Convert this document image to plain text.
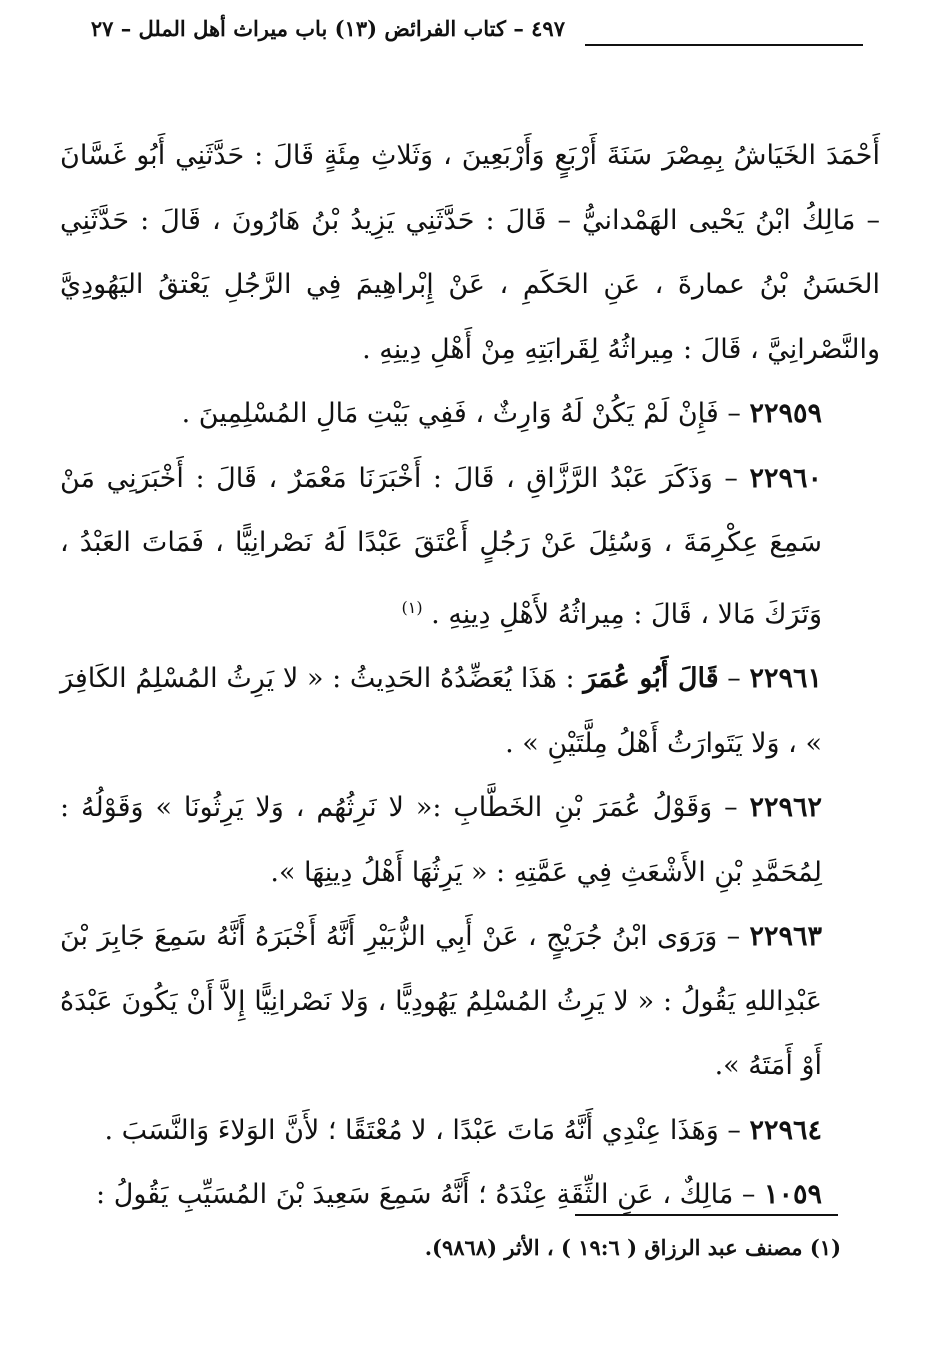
٤٩٧ – كتاب الفرائض (١٣) باب ميراث أهل الملل – ٢٧

أَحْمَدَ الخَيَاشُ بِمِصْرَ سَنَةَ أَرْبَعٍ وَأَرْبَعِينَ ، وَثَلاثِ مِئَةٍ قَالَ : حَدَّثَنِي أَبُو غَسَّانَ – مَالِكُ ابْنُ يَحْيى الهَمْدانيُّ – قَالَ : حَدَّثَنِي يَزِيدُ بْنُ هَارُونَ ، قَالَ : حَدَّثَنِي الحَسَنُ بْنُ عمارةَ ، عَنِ الحَكَمِ ، عَنْ إِبْراهِيمَ فِي الرَّجُلِ يَعْتقُ اليَهُودِيَّ والنَّصْرانِيَّ ، قَالَ : مِيراثُهُ لِقَرابَتِهِ مِنْ أَهْلِ دِينِهِ .

٢٢٩٥٩ – فَإِنْ لَمْ يَكُنْ لَهُ وَارِثٌ ، فَفِي بَيْتِ مَالِ المُسْلِمِينَ .

٢٢٩٦٠ – وَذَكَرَ عَبْدُ الرَّزَّاقِ ، قَالَ : أَخْبَرَنَا مَعْمَرٌ ، قَالَ : أَخْبَرَنِي مَنْ سَمِعَ عِكْرِمَةَ ، وَسُئِلَ عَنْ رَجُلٍ أَعْتَقَ عَبْدًا لَهُ نَصْرانِيًّا ، فَمَاتَ العَبْدُ ، وَتَرَكَ مَالا ، قَالَ : مِيراثُهُ لأَهْلِ دِينِهِ . $^{(١)}$

٢٢٩٦١ – قَالَ أَبُو عُمَرَ : هَذَا يُعَضِّدُهُ الحَدِيثُ : « لا يَرِثُ المُسْلِمُ الكَافِرَ » ، وَلا يَتَوارَثُ أَهْلُ مِلَّتَيْنِ » .

٢٢٩٦٢ – وَقَوْلُ عُمَرَ بْنِ الخَطَّابِ :« لا نَرِثُهُم ، وَلا يَرِثُونَا » وَقَوْلُهُ : لِمُحَمَّدِ بْنِ الأَشْعَثِ فِي عَمَّتِهِ : « يَرِثُهَا أَهْلُ دِينِهَا ».

٢٢٩٦٣ – وَرَوَى ابْنُ جُرَيْجٍ ، عَنْ أَبِي الزُّبَيْرِ أَنَّهُ أَخْبَرَهُ أَنَّهُ سَمِعَ جَابِرَ بْنَ عَبْدِاللهِ يَقُولُ : « لا يَرِثُ المُسْلِمُ يَهُودِيًّا ، وَلا نَصْرانِيًّا إِلاَّ أَنْ يَكُونَ عَبْدَهُ أَوْ أَمَتَهُ ».

٢٢٩٦٤ – وَهَذَا عِنْدِي أَنَّهُ مَاتَ عَبْدًا ، لا مُعْتَقًا ؛ لأَنَّ الوَلاءَ وَالنَّسَبَ .

١٠٥٩ – مَالِكٌ ، عَنِ الثِّقَةِ عِنْدَهُ ؛ أَنَّهُ سَمِعَ سَعِيدَ بْنَ المُسَيِّبِ يَقُولُ :

(١) مصنف عبد الرزاق ( ١٩:٦ ) ، الأثر (٩٨٦٨).
